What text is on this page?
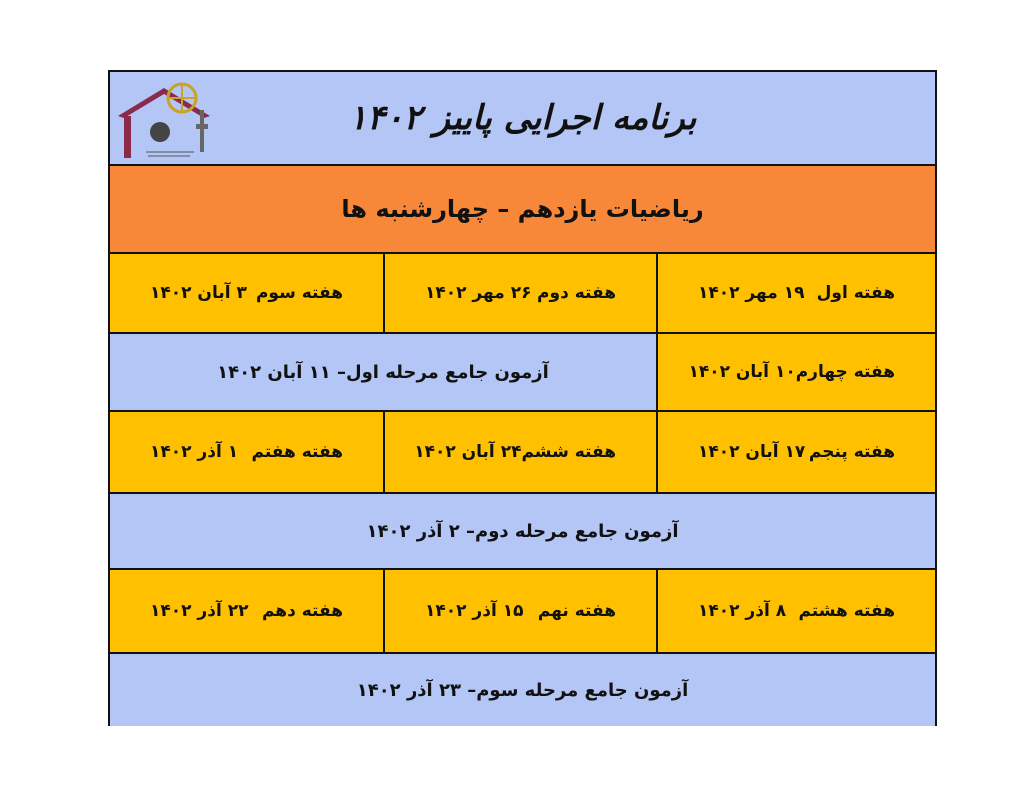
برنامه اجرایی پاییز ۱۴۰۲
ریاضیات یازدهم – چهارشنبه ها
هفته اول
۱۹ مهر ۱۴۰۲
هفته دوم
۲۶ مهر ۱۴۰۲
هفته سوم
۳ آبان ۱۴۰۲
هفته چهارم
۱۰ آبان ۱۴۰۲
آزمون جامع مرحله اول– ۱۱ آبان ۱۴۰۲
هفته پنجم
۱۷ آبان ۱۴۰۲
هفته ششم
۲۴ آبان ۱۴۰۲
هفته هفتم
۱ آذر ۱۴۰۲
آزمون جامع مرحله دوم– ۲ آذر ۱۴۰۲
هفته هشتم
۸ آذر ۱۴۰۲
هفته نهم
۱۵ آذر ۱۴۰۲
هفته دهم
۲۲ آذر ۱۴۰۲
آزمون جامع مرحله سوم– ۲۳ آذر ۱۴۰۲
